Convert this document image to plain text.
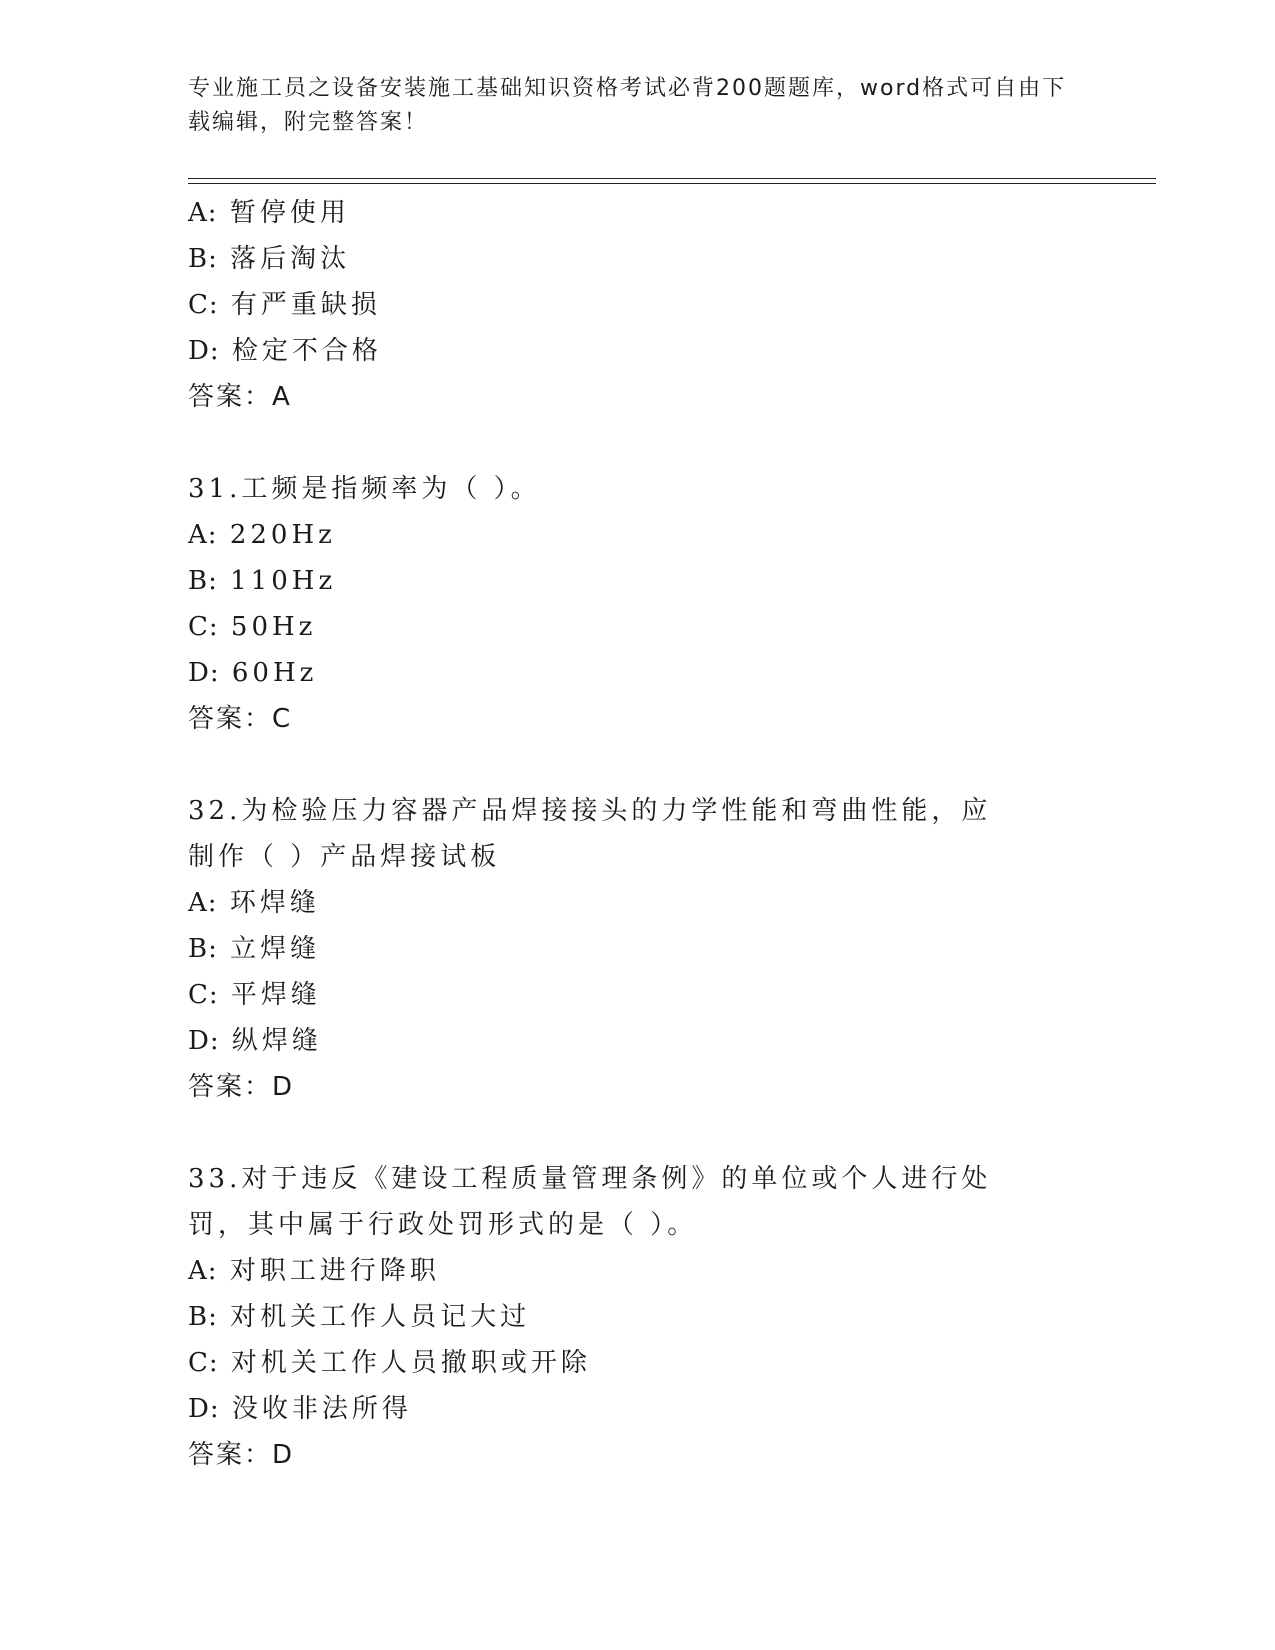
专业施工员之设备安装施工基础知识资格考试必背200题题库，word格式可自由下载编辑，附完整答案！
A: 暂停使用
B: 落后淘汰
C: 有严重缺损
D: 检定不合格
答案：A
31.工频是指频率为（ ）。
A: 220Hz
B: 110Hz
C: 50Hz
D: 60Hz
答案：C
32.为检验压力容器产品焊接接头的力学性能和弯曲性能，应制作（ ）产品焊接试板
A: 环焊缝
B: 立焊缝
C: 平焊缝
D: 纵焊缝
答案：D
33.对于违反《建设工程质量管理条例》的单位或个人进行处罚，其中属于行政处罚形式的是（ ）。
A: 对职工进行降职
B: 对机关工作人员记大过
C: 对机关工作人员撤职或开除
D: 没收非法所得
答案：D
